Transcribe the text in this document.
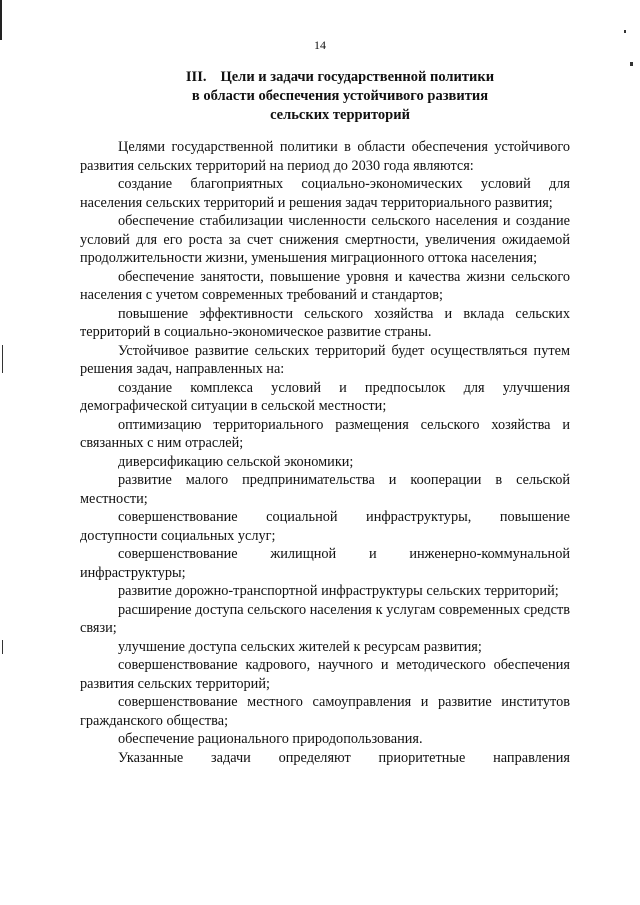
14
III. Цели и задачи государственной политики
в области обеспечения устойчивого развития
сельских территорий

Целями государственной политики в области обеспечения устойчивого развития сельских территорий на период до 2030 года являются:

создание благоприятных социально-экономических условий для населения сельских территорий и решения задач территориального развития;

обеспечение стабилизации численности сельского населения и создание условий для его роста за счет снижения смертности, увеличения ожидаемой продолжительности жизни, уменьшения миграционного оттока населения;

обеспечение занятости, повышение уровня и качества жизни сельского населения с учетом современных требований и стандартов;

повышение эффективности сельского хозяйства и вклада сельских территорий в социально-экономическое развитие страны.

Устойчивое развитие сельских территорий будет осуществляться путем решения задач, направленных на:

создание комплекса условий и предпосылок для улучшения демографической ситуации в сельской местности;

оптимизацию территориального размещения сельского хозяйства и связанных с ним отраслей;

диверсификацию сельской экономики;

развитие малого предпринимательства и кооперации в сельской местности;

совершенствование социальной инфраструктуры, повышение доступности социальных услуг;

совершенствование жилищной и инженерно-коммунальной инфраструктуры;

развитие дорожно-транспортной инфраструктуры сельских территорий;

расширение доступа сельского населения к услугам современных средств связи;

улучшение доступа сельских жителей к ресурсам развития;

совершенствование кадрового, научного и методического обеспечения развития сельских территорий;

совершенствование местного самоуправления и развитие институтов гражданского общества;

обеспечение рационального природопользования.

Указанные задачи определяют приоритетные направления
